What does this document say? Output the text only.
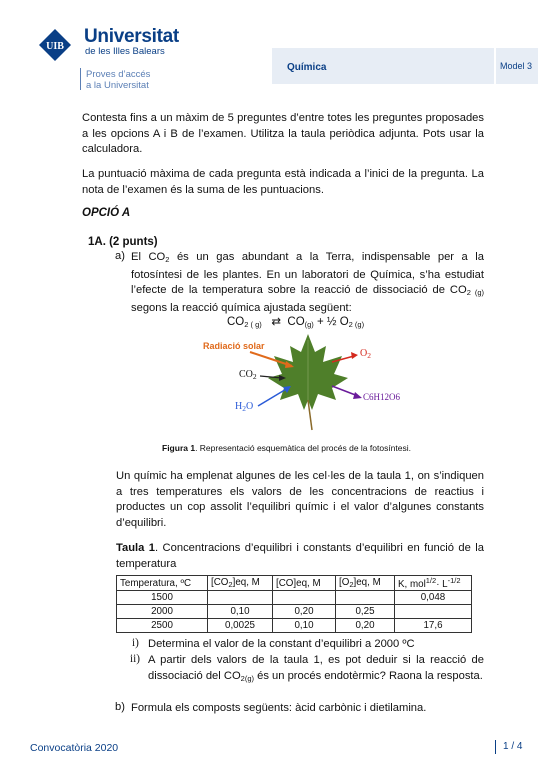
UIB Universitat
de les Illes Balears
Proves d’accés
a la Universitat
Química	Model 3
Contesta fins a un màxim de 5 preguntes d’entre totes les preguntes proposades a les opcions A i B de l’examen. Utilitza la taula periòdica adjunta. Pots usar la calculadora.
La puntuació màxima de cada pregunta està indicada a l’inici de la pregunta. La nota de l’examen és la suma de les puntuacions.
OPCIÓ A
1A. (2 punts)
a) El $CO_2$ és un gas abundant a la Terra, indispensable per a la fotosíntesi de les plantes. En un laboratori de Química, s’ha estudiat l’efecte de la temperatura sobre la reacció de dissociació de $CO_{2 (g)}$ segons la reacció química ajustada següent:
$CO_{2 ( g)}$ ⇄ $CO_{(g)}$ + ½ $O_{2 (g)}$
Radiació solar
$O_2$
$CO_2$
$H_2O$
C6H12O6
Figura 1. Representació esquemàtica del procés de la fotosíntesi.
Un químic ha emplenat algunes de les cel·les de la taula 1, on s’indiquen a tres temperatures els valors de les concentracions de reactius i productes un cop assolit l’equilibri químic i el valor d’algunes constants d’equilibri.
Taula 1. Concentracions d’equilibri i constants d’equilibri en funció de la temperatura
Temperatura, ºC	$[CO_2]eq$, M	[CO]eq, M	$[O_2]eq$, M	K, $mol^{1/2}\cdot L^{-1/2}$
1500				0,048
2000	0,10	0,20	0,25	
2500	0,0025	0,10	0,20	17,6
i) Determina el valor de la constant d’equilibri a 2000 ºC
ii) A partir dels valors de la taula 1, es pot deduir si la reacció de dissociació del $CO_{2(g)}$ és un procés endotèrmic? Raona la resposta.
b) Formula els composts següents: àcid carbònic i dietilamina.
Convocatòria 2020	1 / 4
